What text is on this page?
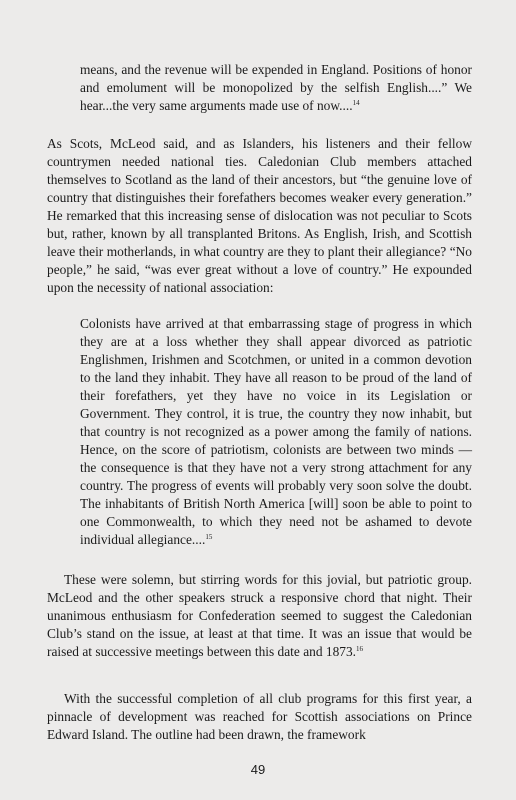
means, and the revenue will be expended in England. Positions of honor and emolument will be monopolized by the selfish English....” We hear...the very same arguments made use of now....$^{14}$
As Scots, McLeod said, and as Islanders, his listeners and their fellow countrymen needed national ties. Caledonian Club members attached themselves to Scotland as the land of their ancestors, but “the genuine love of country that distinguishes their forefathers becomes weaker every generation.” He remarked that this increasing sense of dislocation was not peculiar to Scots but, rather, known by all transplanted Britons. As English, Irish, and Scottish leave their motherlands, in what country are they to plant their allegiance? “No people,” he said, “was ever great without a love of country.” He expounded upon the necessity of national association:
Colonists have arrived at that embarrassing stage of progress in which they are at a loss whether they shall appear divorced as patriotic Englishmen, Irishmen and Scotchmen, or united in a common devotion to the land they inhabit. They have all reason to be proud of the land of their forefathers, yet they have no voice in its Legislation or Government. They control, it is true, the country they now inhabit, but that country is not recognized as a power among the family of nations. Hence, on the score of patriotism, colonists are between two minds — the consequence is that they have not a very strong attachment for any country. The progress of events will probably very soon solve the doubt. The inhabitants of British North America [will] soon be able to point to one Commonwealth, to which they need not be ashamed to devote individual allegiance....$^{15}$
These were solemn, but stirring words for this jovial, but patriotic group. McLeod and the other speakers struck a responsive chord that night. Their unanimous enthusiasm for Confederation seemed to suggest the Caledonian Club’s stand on the issue, at least at that time. It was an issue that would be raised at successive meetings between this date and 1873.16
With the successful completion of all club programs for this first year, a pinnacle of development was reached for Scottish associations on Prince Edward Island. The outline had been drawn, the framework
49
